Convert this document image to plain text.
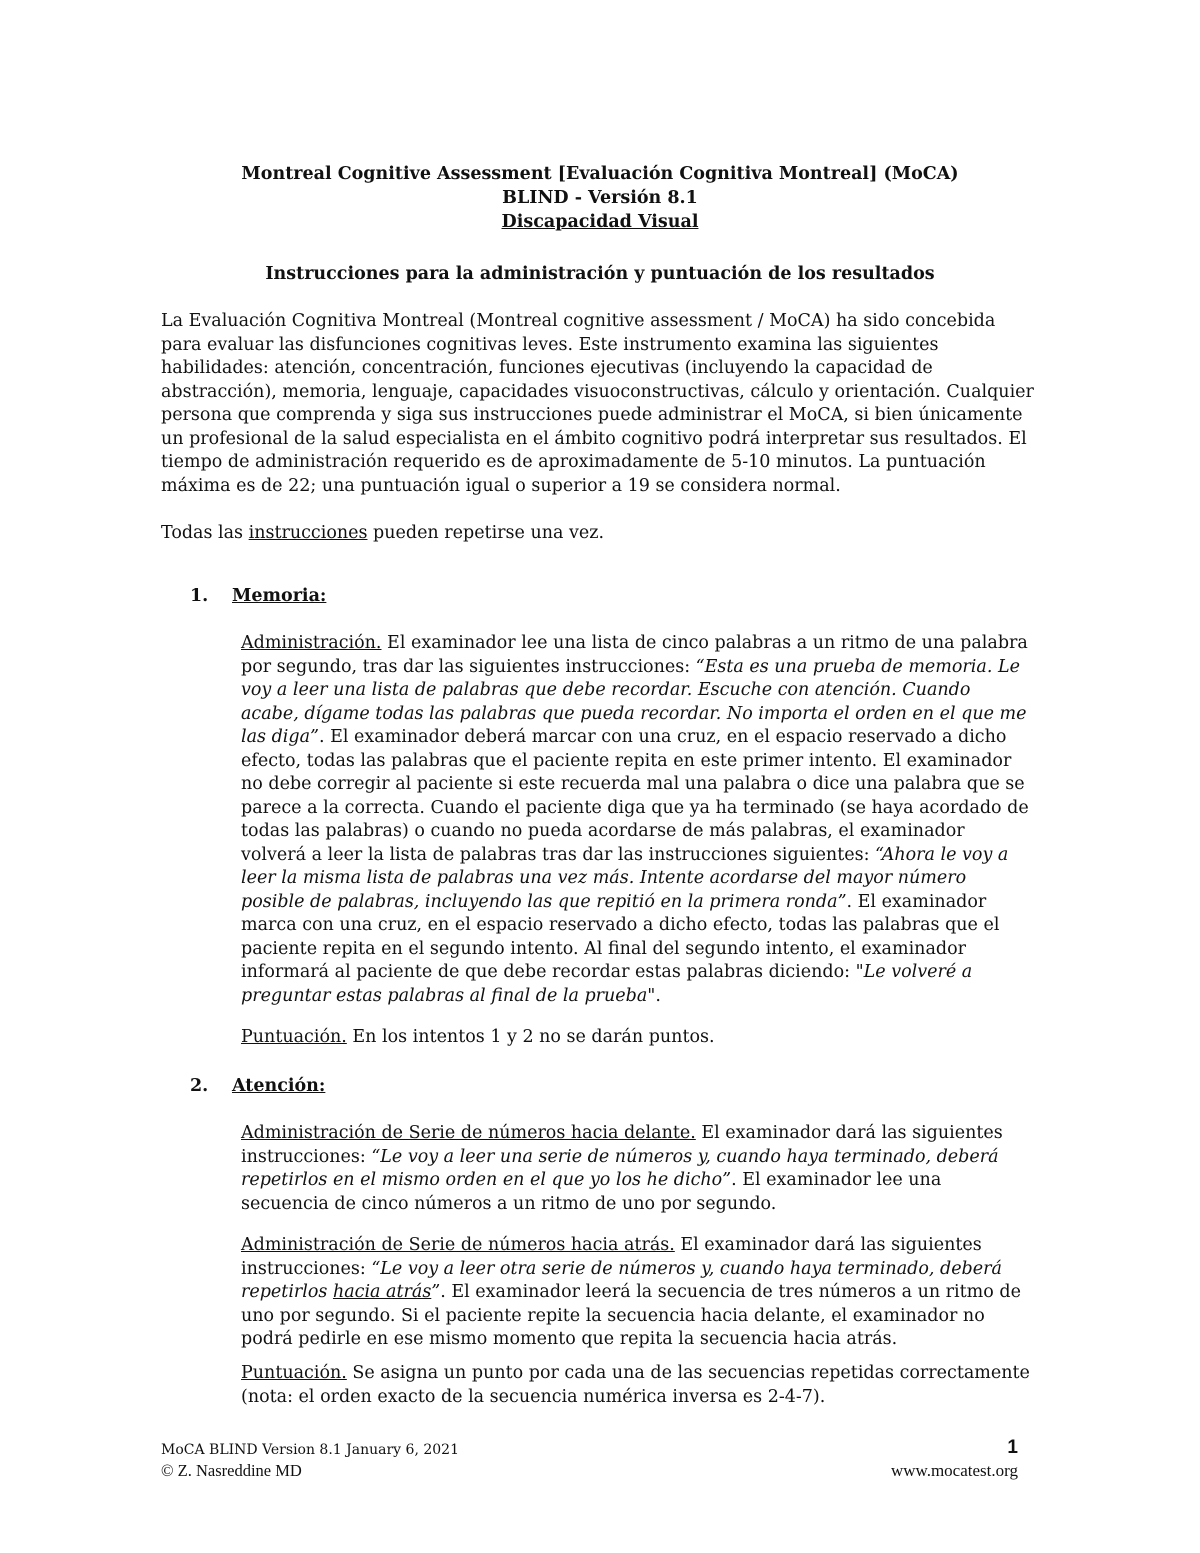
Montreal Cognitive Assessment [Evaluación Cognitiva Montreal] (MoCA)
BLIND - Versión 8.1
Discapacidad Visual
Instrucciones para la administración y puntuación de los resultados

La Evaluación Cognitiva Montreal (Montreal cognitive assessment / MoCA) ha sido concebida para evaluar las disfunciones cognitivas leves. Este instrumento examina las siguientes habilidades: atención, concentración, funciones ejecutivas (incluyendo la capacidad de abstracción), memoria, lenguaje, capacidades visuoconstructivas, cálculo y orientación. Cualquier persona que comprenda y siga sus instrucciones puede administrar el MoCA, si bien únicamente un profesional de la salud especialista en el ámbito cognitivo podrá interpretar sus resultados. El tiempo de administración requerido es de aproximadamente de 5-10 minutos. La puntuación máxima es de 22; una puntuación igual o superior a 19 se considera normal.

Todas las instrucciones pueden repetirse una vez.

1. Memoria:

Administración. El examinador lee una lista de cinco palabras a un ritmo de una palabra por segundo, tras dar las siguientes instrucciones: “Esta es una prueba de memoria. Le voy a leer una lista de palabras que debe recordar. Escuche con atención. Cuando acabe, dígame todas las palabras que pueda recordar. No importa el orden en el que me las diga”. El examinador deberá marcar con una cruz, en el espacio reservado a dicho efecto, todas las palabras que el paciente repita en este primer intento. El examinador no debe corregir al paciente si este recuerda mal una palabra o dice una palabra que se parece a la correcta. Cuando el paciente diga que ya ha terminado (se haya acordado de todas las palabras) o cuando no pueda acordarse de más palabras, el examinador volverá a leer la lista de palabras tras dar las instrucciones siguientes: “Ahora le voy a leer la misma lista de palabras una vez más. Intente acordarse del mayor número posible de palabras, incluyendo las que repitió en la primera ronda”. El examinador marca con una cruz, en el espacio reservado a dicho efecto, todas las palabras que el paciente repita en el segundo intento. Al final del segundo intento, el examinador informará al paciente de que debe recordar estas palabras diciendo: "Le volveré a preguntar estas palabras al final de la prueba".

Puntuación. En los intentos 1 y 2 no se darán puntos.

2. Atención:

Administración de Serie de números hacia delante. El examinador dará las siguientes instrucciones: “Le voy a leer una serie de números y, cuando haya terminado, deberá repetirlos en el mismo orden en el que yo los he dicho”. El examinador lee una secuencia de cinco números a un ritmo de uno por segundo.

Administración de Serie de números hacia atrás. El examinador dará las siguientes instrucciones: “Le voy a leer otra serie de números y, cuando haya terminado, deberá repetirlos hacia atrás”. El examinador leerá la secuencia de tres números a un ritmo de uno por segundo. Si el paciente repite la secuencia hacia delante, el examinador no podrá pedirle en ese mismo momento que repita la secuencia hacia atrás.

Puntuación. Se asigna un punto por cada una de las secuencias repetidas correctamente (nota: el orden exacto de la secuencia numérica inversa es 2-4-7).

MoCA BLIND Version 8.1 January 6, 2021
© Z. Nasreddine MD
1
www.mocatest.org
